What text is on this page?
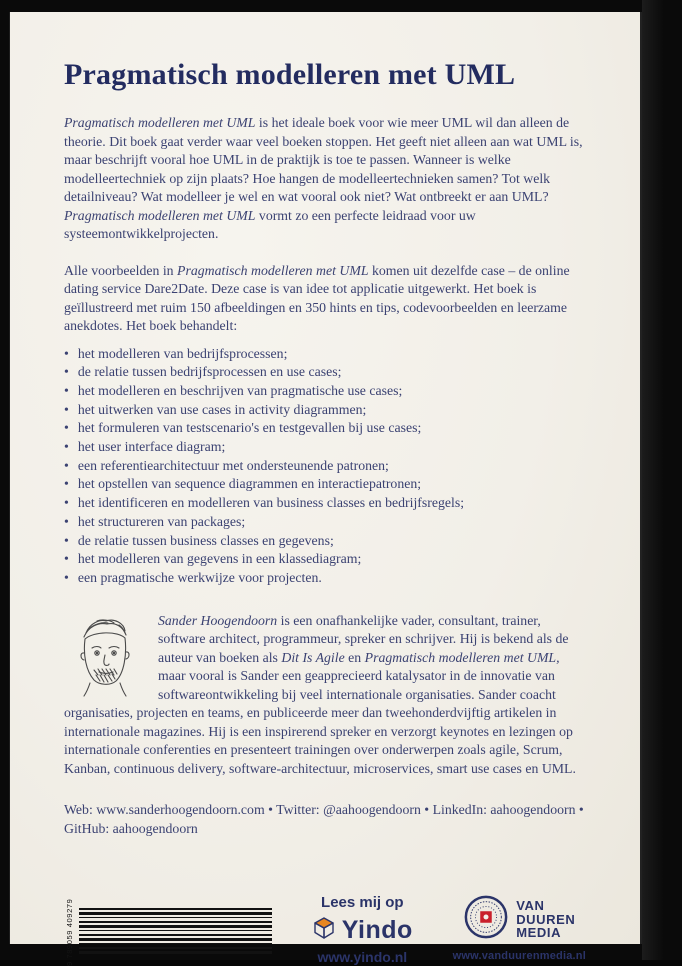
Pragmatisch modelleren met UML

Pragmatisch modelleren met UML is het ideale boek voor wie meer UML wil dan alleen de theorie. Dit boek gaat verder waar veel boeken stoppen. Het geeft niet alleen aan wat UML is, maar beschrijft vooral hoe UML in de praktijk is toe te passen. Wanneer is welke modelleertechniek op zijn plaats? Hoe hangen de modelleertechnieken samen? Tot welk detailniveau? Wat modelleer je wel en wat vooral ook niet? Wat ontbreekt er aan UML? Pragmatisch modelleren met UML vormt zo een perfecte leidraad voor uw systeemontwikkelprojecten.

Alle voorbeelden in Pragmatisch modelleren met UML komen uit dezelfde case – de online dating service Dare2Date. Deze case is van idee tot applicatie uitgewerkt. Het boek is geïllustreerd met ruim 150 afbeeldingen en 350 hints en tips, codevoorbeelden en leerzame anekdotes. Het boek behandelt:

• het modelleren van bedrijfsprocessen;
• de relatie tussen bedrijfsprocessen en use cases;
• het modelleren en beschrijven van pragmatische use cases;
• het uitwerken van use cases in activity diagrammen;
• het formuleren van testscenario's en testgevallen bij use cases;
• het user interface diagram;
• een referentiearchitectuur met ondersteunende patronen;
• het opstellen van sequence diagrammen en interactiepatronen;
• het identificeren en modelleren van business classes en bedrijfsregels;
• het structureren van packages;
• de relatie tussen business classes en gegevens;
• het modelleren van gegevens in een klassediagram;
• een pragmatische werkwijze voor projecten.

Sander Hoogendoorn is een onafhankelijke vader, consultant, trainer, software architect, programmeur, spreker en schrijver. Hij is bekend als de auteur van boeken als Dit Is Agile en Pragmatisch modelleren met UML, maar vooral is Sander een geapprecieerd katalysator in de innovatie van softwareontwikkeling bij veel internationale organisaties. Sander coacht organisaties, projecten en teams, en publiceerde meer dan tweehonderdvijftig artikelen in internationale magazines. Hij is een inspirerend spreker en verzorgt keynotes en lezingen op internationale conferenties en presenteert trainingen over onderwerpen zoals agile, Scrum, Kanban, continuous delivery, software-architectuur, microservices, smart use cases en UML.

Web: www.sanderhoogendoorn.com • Twitter: @aahoogendoorn • LinkedIn: aahoogendoorn •
GitHub: aahoogendoorn

9 789059 409279	Lees mij op
Yindo
www.yindo.nl
VAN
DUUREN
MEDIA
www.vanduurenmedia.nl
